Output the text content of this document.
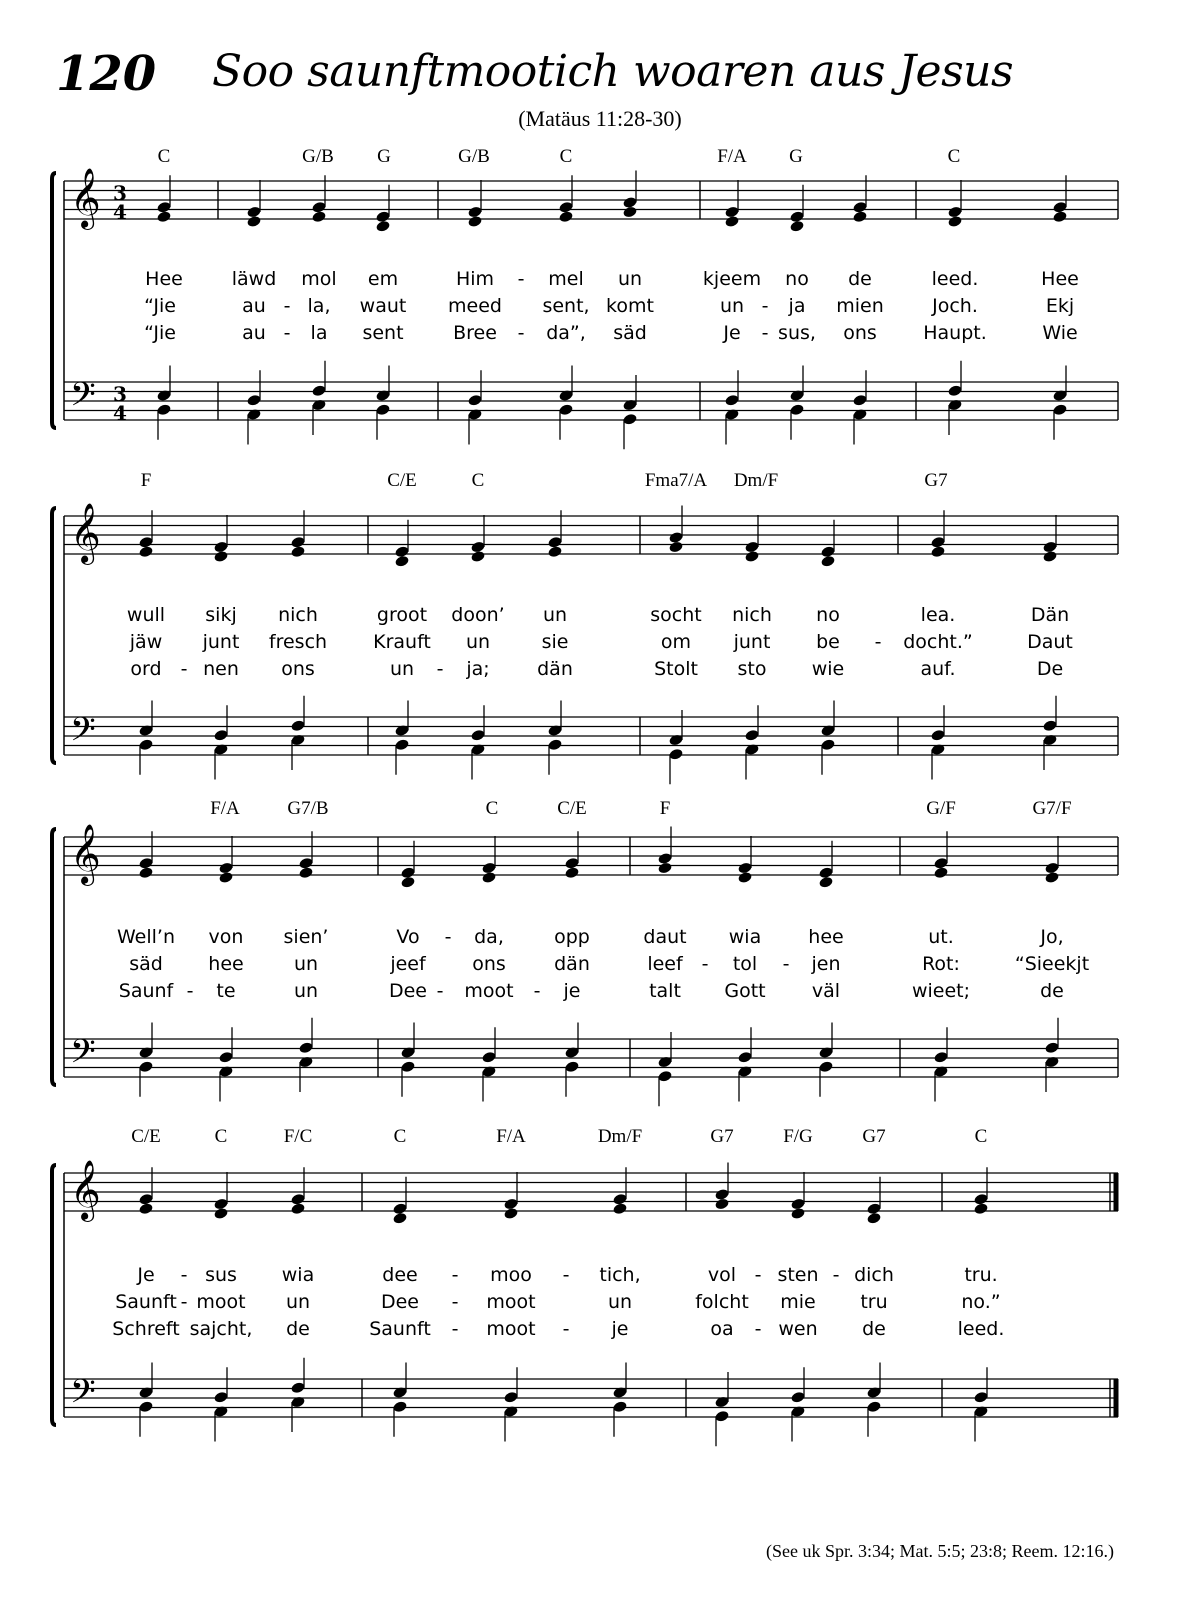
120 Soo saunftmootich woaren aus Jesus
(Matäus 11:28-30)
𝄞
𝄢
3
4
3
4
C	G/B G	G/B	C	F/A G	C
Hee	läwd mol em	Him - mel un	kjeem no de	leed.	Hee
“Jie	au - la, waut meed sent, komt	un - ja mien	Joch.	Ekj
“Jie	au - la sent	Bree - da”, säd	Je - sus, ons Haupt.	Wie
𝄞
𝄢
F	C/E	C	Fma7/A Dm/F	G7
wull sikj nich	groot doon’ un	socht nich no	lea.	Dän
jäw junt fresch Krauft un	sie	om junt be - docht.”	Daut
ord - nen ons	un - ja; dän	Stolt sto wie	auf.	De
𝄞
𝄢
F/A	G7/B	C	C/E	F	G/F	G7/F
Well’n von sien’	Vo - da,	opp	daut wia hee	ut.	Jo,
säd hee	un	jeef ons	dän	leef - tol - jen	Rot:	“Sieekjt
Saunf - te	un	Dee - moot - je	talt Gott väl	wieet;	de
𝄞
𝄢
C/E	C	F/C	C	F/A	Dm/F	G7	F/G	G7	C
Je - sus wia	dee - moo - tich,	vol - sten - dich	tru.
Saunft - moot un	Dee - moot	un	folcht mie tru	no.”
Schreft sajcht, de	Saunft - moot - je	oa - wen de	leed.
(See uk Spr. 3:34; Mat. 5:5; 23:8; Reem. 12:16.)
